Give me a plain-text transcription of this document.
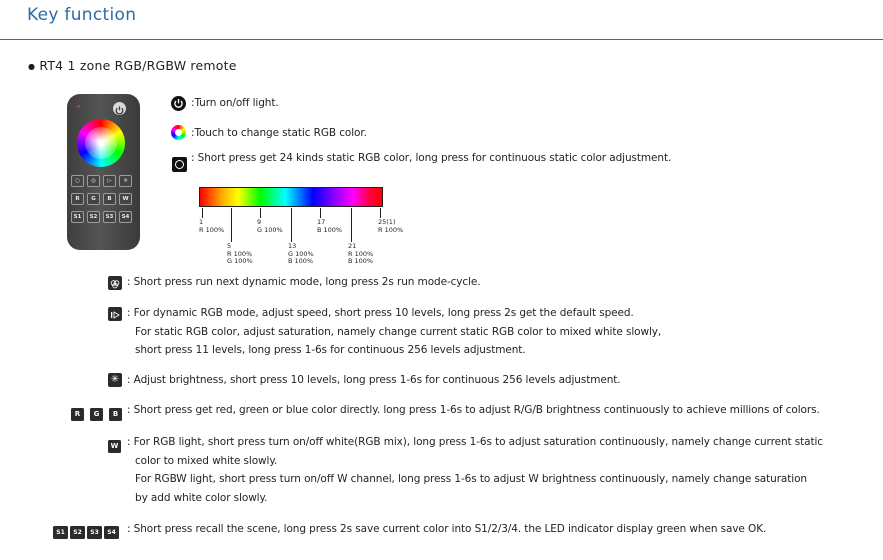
Key function
● RT4 1 zone RGB/RGBW remote
○	◎	▷	✳
R	G	B	W
S1	S2	S3	S4
:Turn on/off light.
:Touch to change static RGB color.
: Short press get 24 kinds static RGB color, long press for continuous static color adjustment.
1
R 100%
9
G 100%
17
B 100%
25(1)
R 100%
5
R 100%
G 100%
13
G 100%
B 100%
21
R 100%
B 100%
: Short press run next dynamic mode, long press 2s run mode-cycle.
: For dynamic RGB mode, adjust speed, short press 10 levels, long press 2s get the default speed.
For static RGB color, adjust saturation, namely change current static RGB color to mixed white slowly,
short press 11 levels, long press 1-6s for continuous 256 levels adjustment.
✳ : Adjust brightness, short press 10 levels, long press 1-6s for continuous 256 levels adjustment.
R G B : Short press get red, green or blue color directly. long press 1-6s to adjust R/G/B brightness continuously to achieve millions of colors.
W : For RGB light, short press turn on/off white(RGB mix), long press 1-6s to adjust saturation continuously, namely change current static
color to mixed white slowly.
For RGBW light, short press turn on/off W channel, long press 1-6s to adjust W brightness continuously, namely change saturation
by add white color slowly.
S1 S2 S3 S4	: Short press recall the scene, long press 2s save current color into S1/2/3/4. the LED indicator display green when save OK.
